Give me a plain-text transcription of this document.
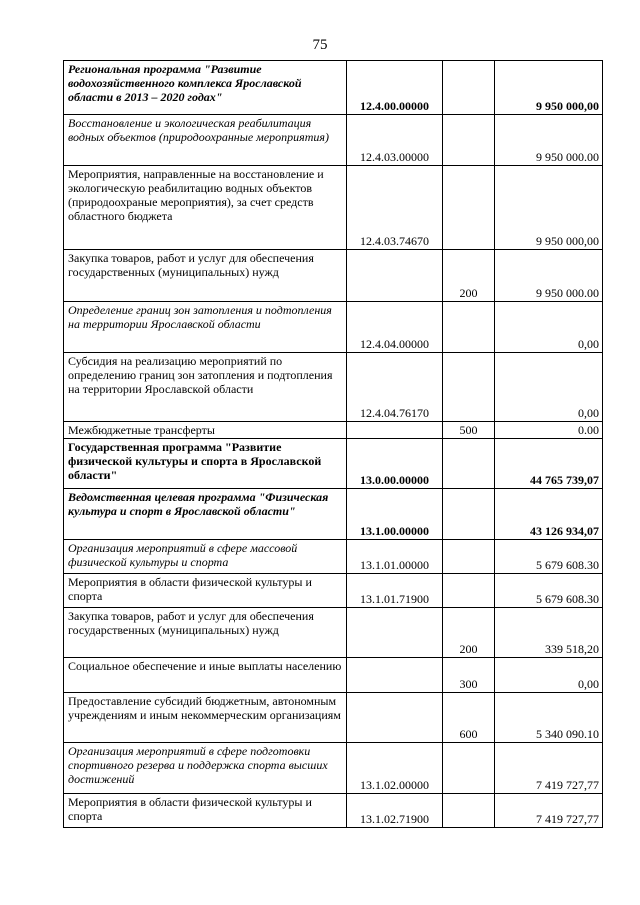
75
Региональная программа "Развитие водохозяйственного комплекса Ярославской области в 2013 – 2020 годах"	12.4.00.00000		9 950 000,00
Восстановление и экологическая реабилитация водных объектов (природоохранные мероприятия)	12.4.03.00000		9 950 000.00
Мероприятия, направленные на восстановление и экологическую реабилитацию водных объектов (природоохраные мероприятия), за счет средств областного бюджета	12.4.03.74670		9 950 000,00
Закупка товаров, работ и услуг для обеспечения государственных (муниципальных) нужд		200	9 950 000.00
Определение границ зон затопления и подтопления на территории Ярославской области	12.4.04.00000		0,00
Субсидия на реализацию мероприятий по определению границ зон затопления и подтопления на территории Ярославской области	12.4.04.76170		0,00
Межбюджетные трансферты		500	0.00
Государственная программа "Развитие физической культуры и спорта в Ярославской области"	13.0.00.00000		44 765 739,07
Ведомственная целевая программа "Физическая культура и спорт в Ярославской области"	13.1.00.00000		43 126 934,07
Организация мероприятий в сфере массовой физической культуры и спорта	13.1.01.00000		5 679 608.30
Мероприятия в области физической культуры и спорта	13.1.01.71900		5 679 608.30
Закупка товаров, работ и услуг для обеспечения государственных (муниципальных) нужд		200	339 518,20
Социальное обеспечение и иные выплаты населению		300	0,00
Предоставление субсидий бюджетным, автономным учреждениям и иным некоммерческим организациям		600	5 340 090.10
Организация мероприятий в сфере подготовки спортивного резерва и поддержка спорта высших достижений	13.1.02.00000		7 419 727,77
Мероприятия в области физической культуры и спорта	13.1.02.71900		7 419 727,77
